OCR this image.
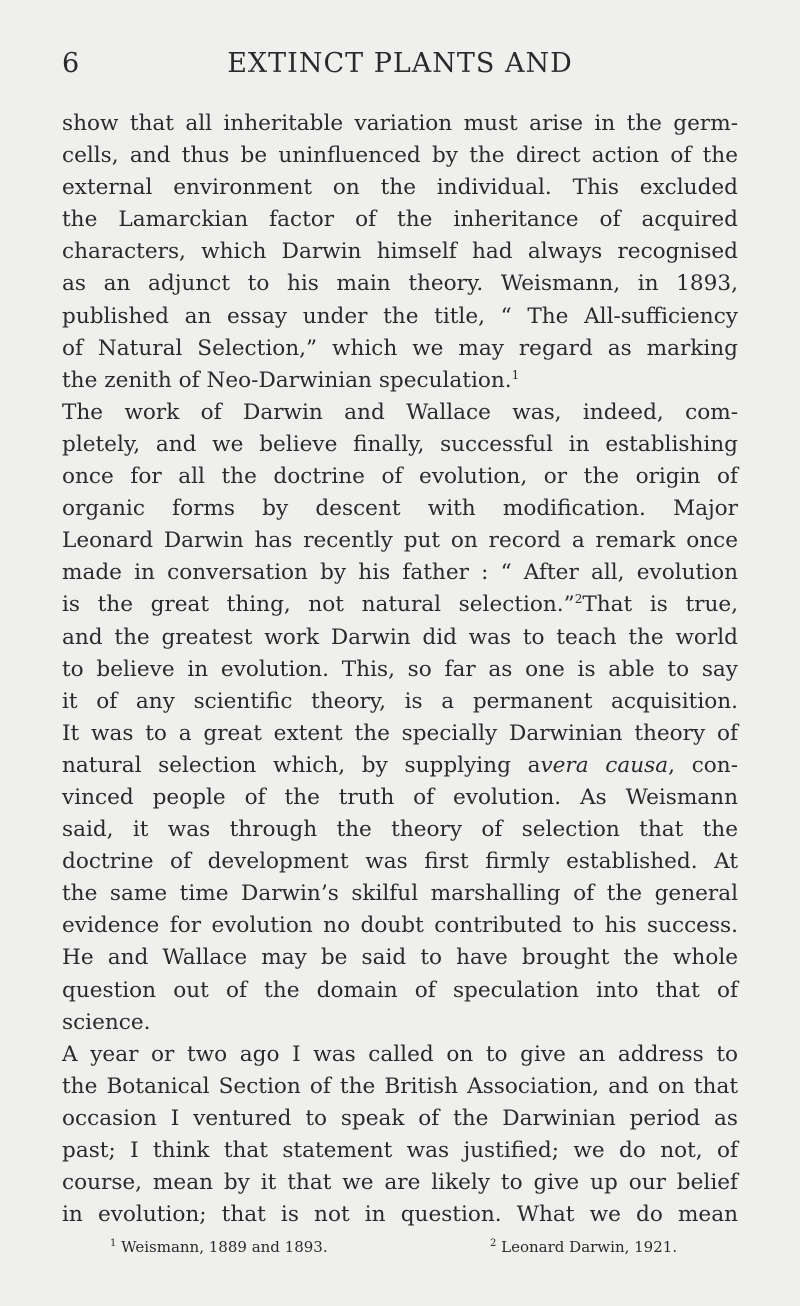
6	EXTINCT PLANTS AND
show that all inheritable variation must arise in the germ-
cells, and thus be uninfluenced by the direct action of the
external environment on the individual. This excluded
the Lamarckian factor of the inheritance of acquired
characters, which Darwin himself had always recognised
as an adjunct to his main theory. Weismann, in 1893,
published an essay under the title, “ The All-sufficiency
of Natural Selection,” which we may regard as marking
the zenith of Neo-Darwinian speculation.$^1$
The work of Darwin and Wallace was, indeed, com-
pletely, and we believe finally, successful in establishing
once for all the doctrine of evolution, or the origin of
organic forms by descent with modification. Major
Leonard Darwin has recently put on record a remark once
made in conversation by his father : “ After all, evolution
is the great thing, not natural selection.”$^2$That is true,
and the greatest work Darwin did was to teach the world
to believe in evolution. This, so far as one is able to say
it of any scientific theory, is a permanent acquisition.
It was to a great extent the specially Darwinian theory of
natural selection which, by supplying avera causa, con-
vinced people of the truth of evolution. As Weismann
said, it was through the theory of selection that the
doctrine of development was first firmly established. At
the same time Darwin’s skilful marshalling of the general
evidence for evolution no doubt contributed to his success.
He and Wallace may be said to have brought the whole
question out of the domain of speculation into that of
science.
A year or two ago I was called on to give an address to
the Botanical Section of the British Association, and on that
occasion I ventured to speak of the Darwinian period as
past; I think that statement was justified; we do not, of
course, mean by it that we are likely to give up our belief
in evolution; that is not in question. What we do mean
$^1$ Weismann, 1889 and 1893.	$^2$ Leonard Darwin, 1921.
